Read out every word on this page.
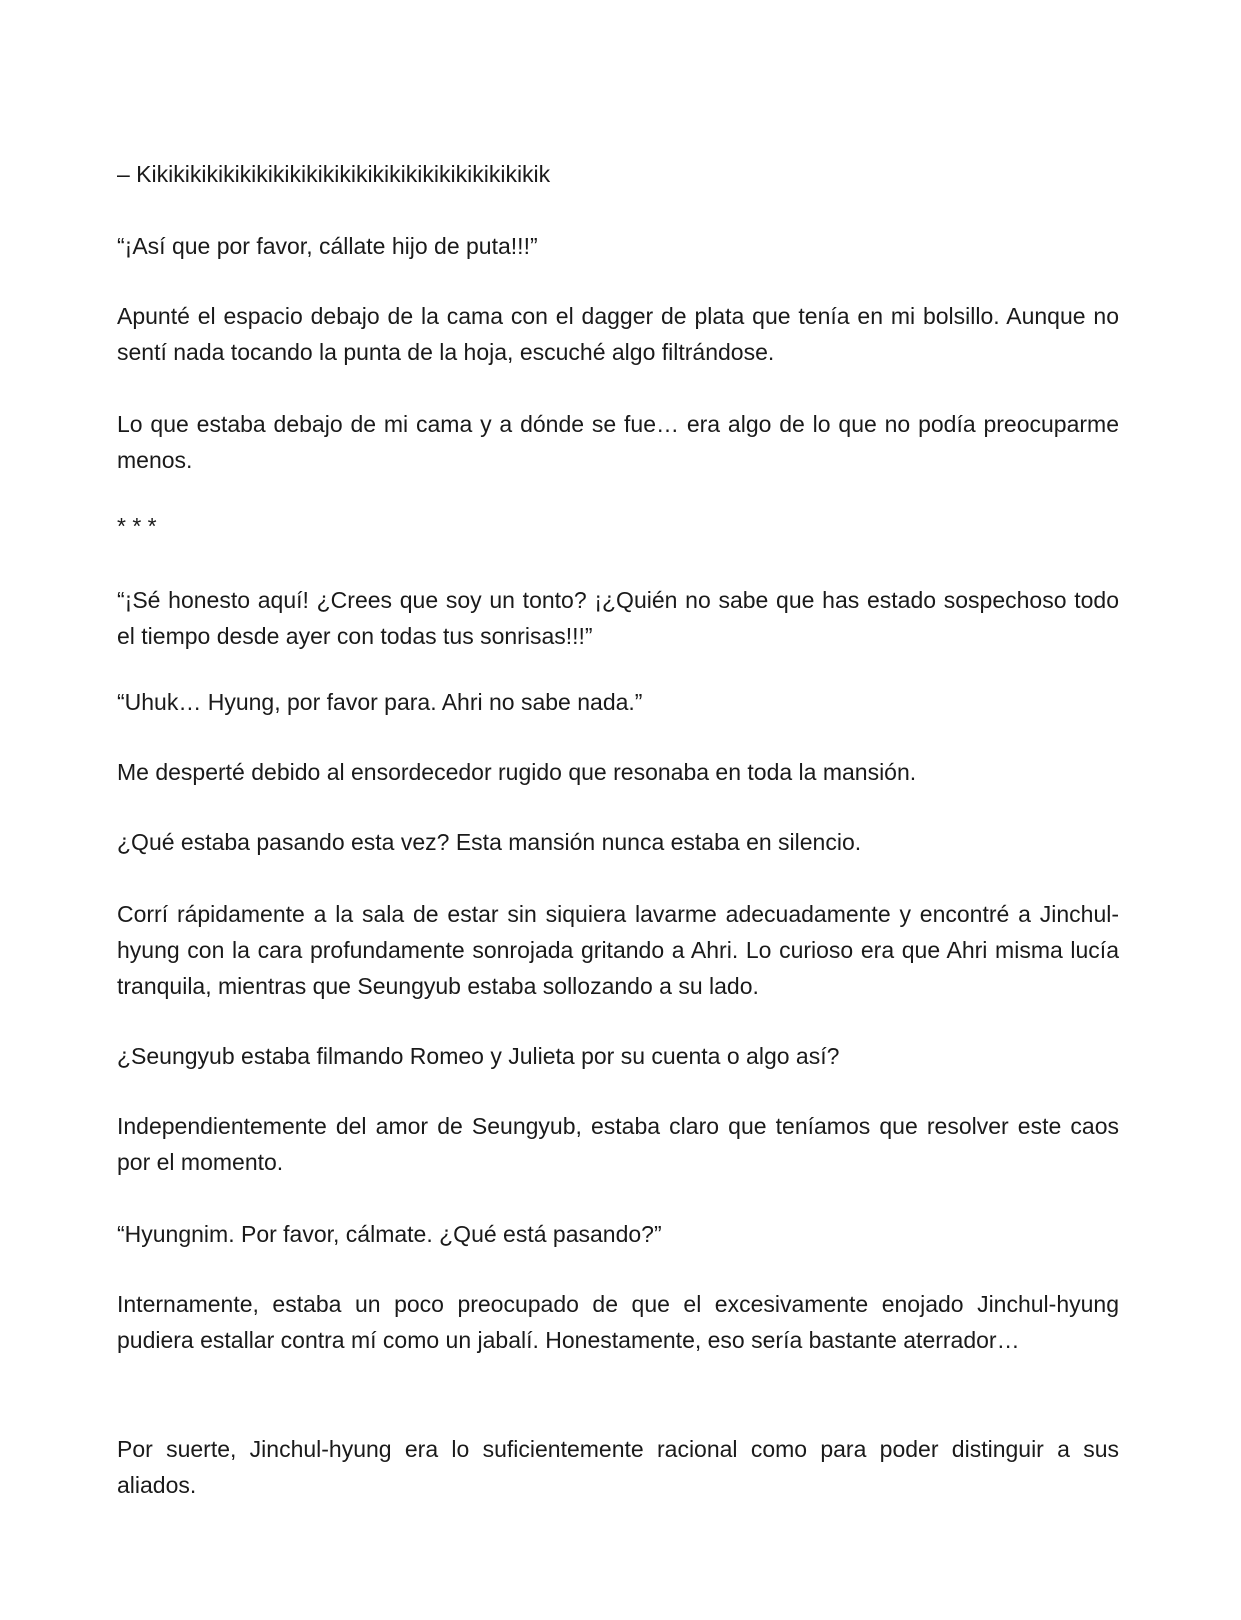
– Kikikikikikikikikikikikikikikikikikikikikikikikik

“¡Así que por favor, cállate hijo de puta!!!”

Apunté el espacio debajo de la cama con el dagger de plata que tenía en mi bolsillo. Aunque no sentí nada tocando la punta de la hoja, escuché algo filtrándose.

Lo que estaba debajo de mi cama y a dónde se fue… era algo de lo que no podía preocuparme menos.

* * *

“¡Sé honesto aquí! ¿Crees que soy un tonto? ¡¿Quién no sabe que has estado sospechoso todo el tiempo desde ayer con todas tus sonrisas!!!”

“Uhuk… Hyung, por favor para. Ahri no sabe nada.”

Me desperté debido al ensordecedor rugido que resonaba en toda la mansión.

¿Qué estaba pasando esta vez? Esta mansión nunca estaba en silencio.

Corrí rápidamente a la sala de estar sin siquiera lavarme adecuadamente y encontré a Jinchul-hyung con la cara profundamente sonrojada gritando a Ahri. Lo curioso era que Ahri misma lucía tranquila, mientras que Seungyub estaba sollozando a su lado.

¿Seungyub estaba filmando Romeo y Julieta por su cuenta o algo así?

Independientemente del amor de Seungyub, estaba claro que teníamos que resolver este caos por el momento.

“Hyungnim. Por favor, cálmate. ¿Qué está pasando?”

Internamente, estaba un poco preocupado de que el excesivamente enojado Jinchul-hyung pudiera estallar contra mí como un jabalí. Honestamente, eso sería bastante aterrador…

Por suerte, Jinchul-hyung era lo suficientemente racional como para poder distinguir a sus aliados.
